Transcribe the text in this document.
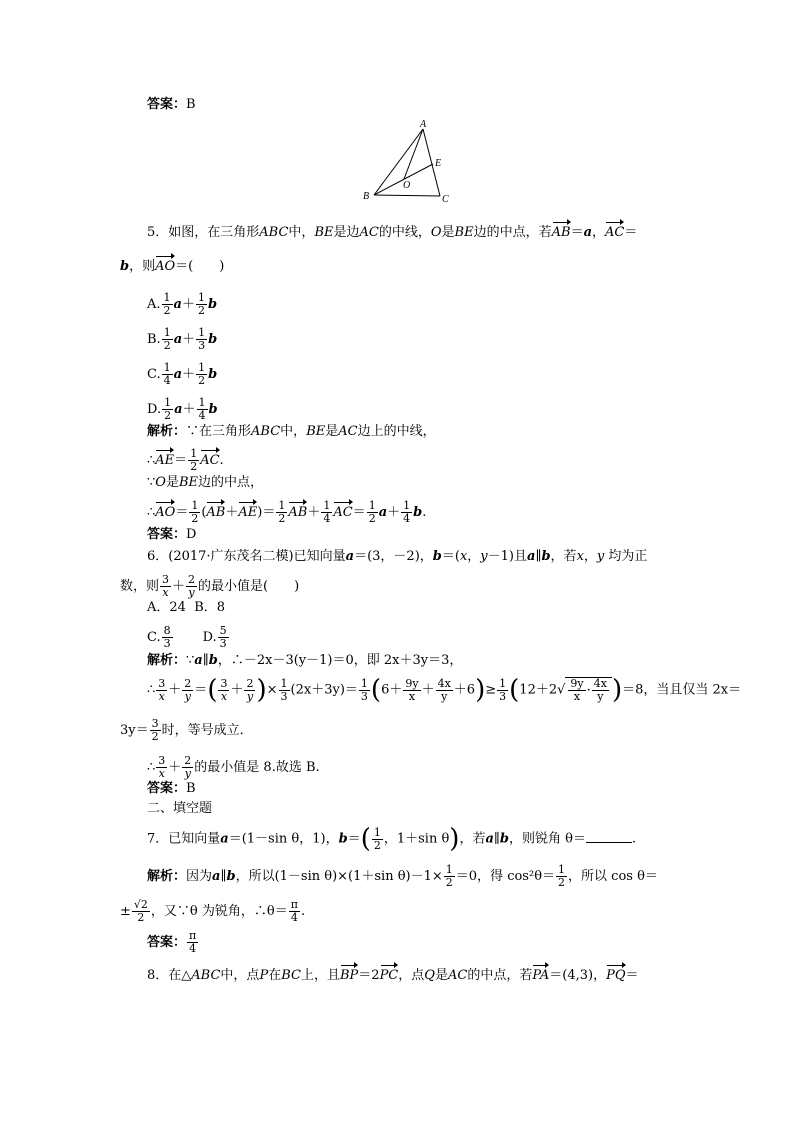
答案：B
A
B	C
E
O
5．如图，在三角形ABC中，BE是边AC的中线，O是BE边的中点，若AB＝a，AC＝
b，则AO＝(　　)
A. $\frac{1}{2} a+ \frac{1}{2}$ b
B. $\frac{1}{2} a+ \frac{1}{3}$ b
C. $\frac{1}{4} a+ \frac{1}{2}$ b
D. $\frac{1}{2} a+ \frac{1}{4}$ b
解析：∵在三角形ABC中，BE是AC边上的中线，
∴AE＝ $\frac{1}{2}$ AC.
∵O是BE边的中点，
∴AO＝ $\frac{1}{2} (AB+AE)= \frac{1}{2} AB+ \frac{1}{4} AC= \frac{1}{2} a+ \frac{1}{4} b$.
答案：D
6．(2017·广东茂名二模)已知向量a＝(3，－2)，b＝(x，y－1)且a∥b，若x，y 均为正
数，则 $\frac{3}{x} + \frac{2}{y}$ 的最小值是(　　)
A．24 B．8
C. $\frac{8}{3} D$. $\frac{5}{3}$
解析：∵a∥b，∴－2x－3(y－1)＝0，即 2x＋3y＝3，
∴ $\frac{3}{x} + \frac{2}{y}$ ＝( $\frac{3}{x} + \frac{2}{y}$ )× $\frac{1}{3} (2x+3y)= \frac{1}{3} (6+ \frac{9y}{x} + \frac{4x}{y} +6)\ge \frac{1}{3} (12+2√ \frac{9y}{x} \cdot \frac{4x}{y} )=8$，当且仅当 2x＝
$3y= \frac{3}{2}$ 时，等号成立．
∴ $\frac{3}{x} + \frac{2}{y}$ 的最小值是 8.故选 B.
答案：B
二、填空题
7．已知向量a＝(1－sin θ，1)，$b=( \frac{1}{2}$ ，1＋sin θ)，若a∥b，则锐角 θ＝	.
解析：因为a∥b，所以(1－sin θ)×(1＋sin $\theta)-1\times \frac{1}{2} =0$，得 $\cos^2\theta= \frac{1}{2}$ ，所以 cos θ＝
± $\frac{√2}{2}$ ，又∵θ 为锐角，∴θ＝ $\frac{\pi}{4}$ .
答案： $\frac{\pi}{4}$
8．在△ABC中，点P在BC上，且BP＝2PC，点Q是AC的中点，若PA＝(4,3)，PQ＝
